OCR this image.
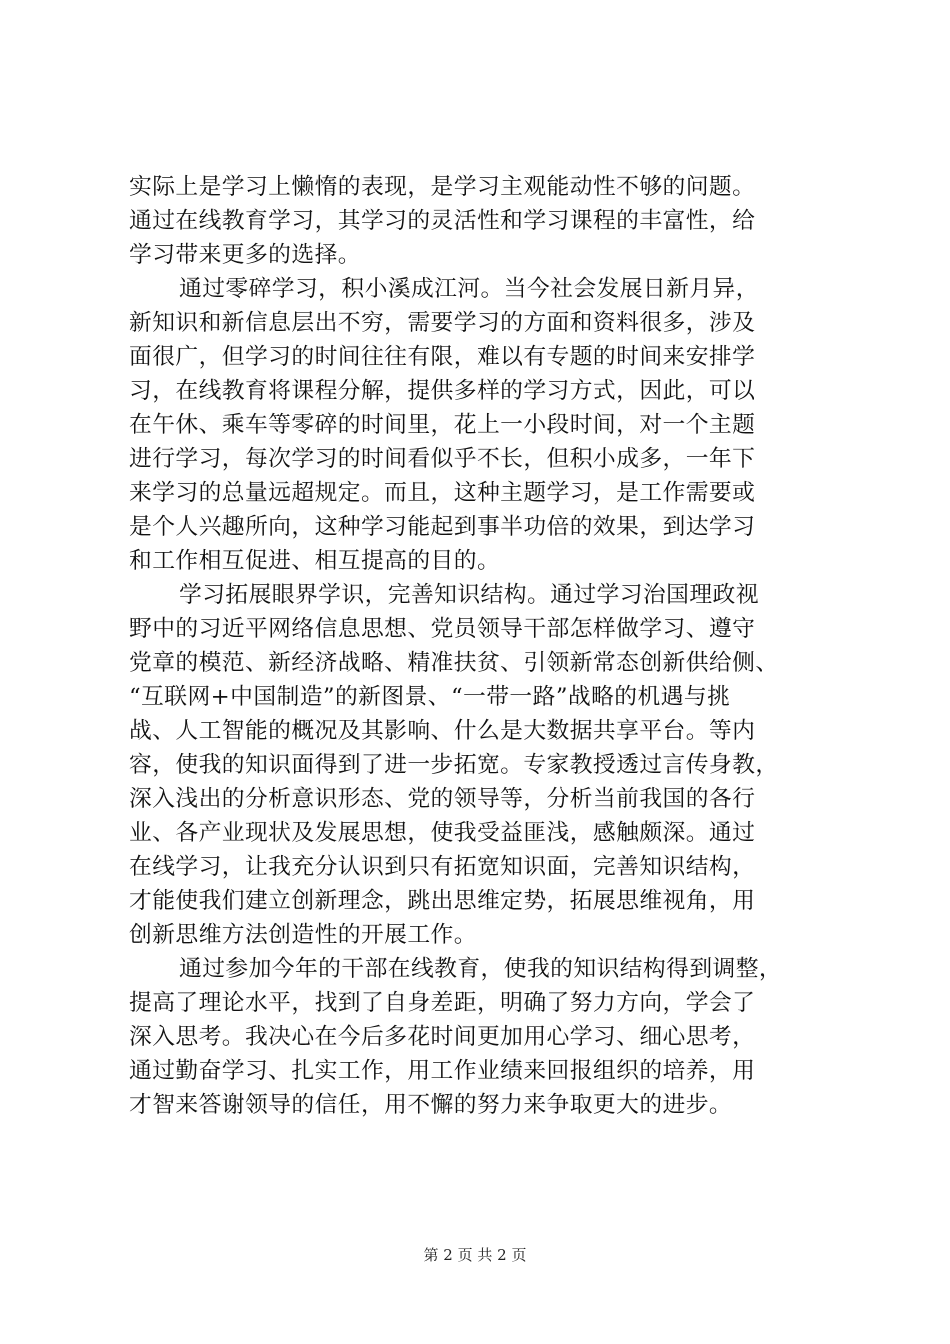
实际上是学习上懒惰的表现，是学习主观能动性不够的问题。
通过在线教育学习，其学习的灵活性和学习课程的丰富性，给
学习带来更多的选择。
通过零碎学习，积小溪成江河。当今社会发展日新月异，
新知识和新信息层出不穷，需要学习的方面和资料很多，涉及
面很广，但学习的时间往往有限，难以有专题的时间来安排学
习，在线教育将课程分解，提供多样的学习方式，因此，可以
在午休、乘车等零碎的时间里，花上一小段时间，对一个主题
进行学习，每次学习的时间看似乎不长，但积小成多，一年下
来学习的总量远超规定。而且，这种主题学习，是工作需要或
是个人兴趣所向，这种学习能起到事半功倍的效果，到达学习
和工作相互促进、相互提高的目的。
学习拓展眼界学识，完善知识结构。通过学习治国理政视
野中的习近平网络信息思想、党员领导干部怎样做学习、遵守
党章的模范、新经济战略、精准扶贫、引领新常态创新供给侧、
“互联网+中国制造”的新图景、“一带一路”战略的机遇与挑
战、人工智能的概况及其影响、什么是大数据共享平台。等内
容，使我的知识面得到了进一步拓宽。专家教授透过言传身教，
深入浅出的分析意识形态、党的领导等，分析当前我国的各行
业、各产业现状及发展思想，使我受益匪浅，感触颇深。通过
在线学习，让我充分认识到只有拓宽知识面，完善知识结构，
才能使我们建立创新理念，跳出思维定势，拓展思维视角，用
创新思维方法创造性的开展工作。
通过参加今年的干部在线教育，使我的知识结构得到调整，
提高了理论水平，找到了自身差距，明确了努力方向，学会了
深入思考。我决心在今后多花时间更加用心学习、细心思考，
通过勤奋学习、扎实工作，用工作业绩来回报组织的培养，用
才智来答谢领导的信任，用不懈的努力来争取更大的进步。
第 2 页 共 2 页
